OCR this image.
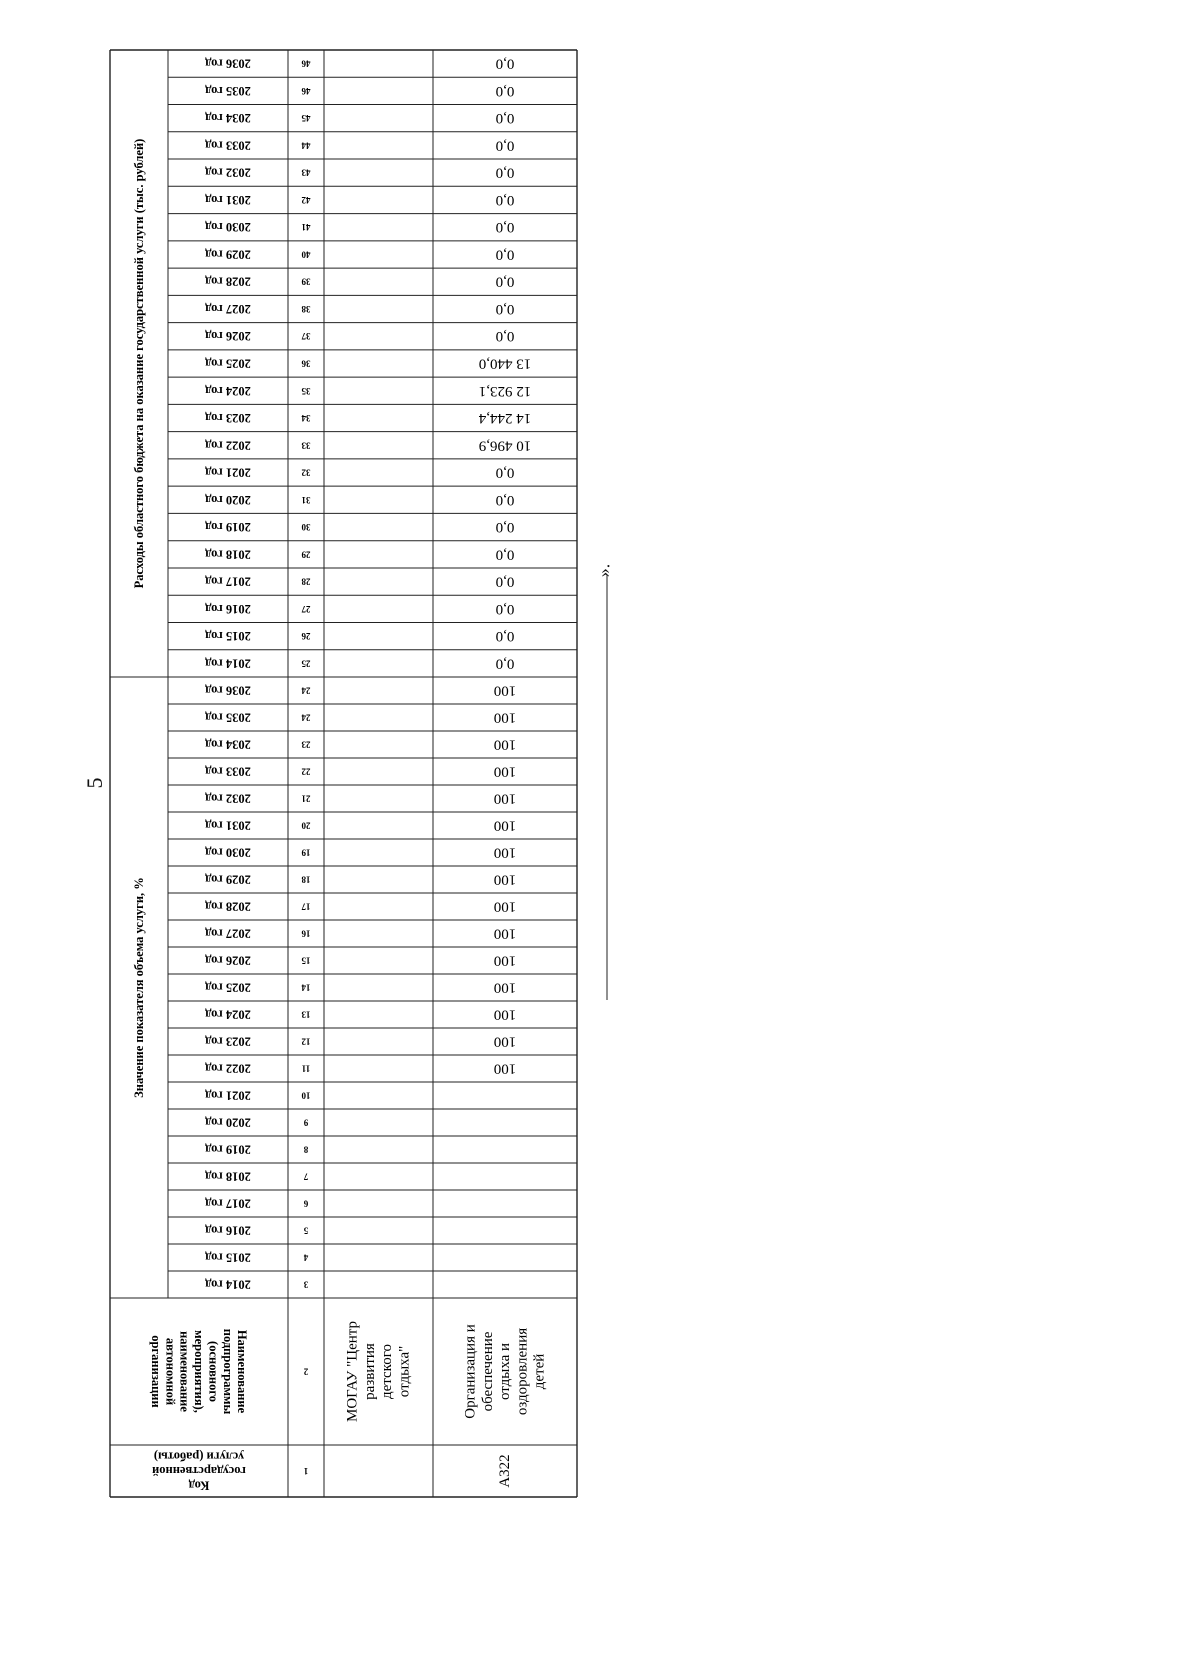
5
».
Кодгосударственнойуслуги (работы)
Наименованиеподпрограммы(основногомероприятия),наименованиеавтономнойорганизации
Значение показателя объема услуги, %
Расходы областного бюджета на оказание государственной услуги (тыс. рублей)
1
2
2014 год
2014 год
3
25
2015 год
2015 год
4
26
2016 год
2016 год
5
27
2017 год
2017 год
6
28
2018 год
2018 год
7
29
2019 год
2019 год
8
30
2020 год
2020 год
9
31
2021 год
2021 год
10
32
2022 год
2022 год
11
33
2023 год
2023 год
12
34
2024 год
2024 год
13
35
2025 год
2025 год
14
36
2026 год
2026 год
15
37
2027 год
2027 год
16
38
2028 год
2028 год
17
39
2029 год
2029 год
18
40
2030 год
2030 год
19
41
2031 год
2031 год
20
42
2032 год
2032 год
21
43
2033 год
2033 год
22
44
2034 год
2034 год
23
45
2035 год
2035 год
24
46
2036 год
2036 год
24
46
МОГАУ "Центрразвитиядетскогоотдыха"
А322
Организация иобеспечениеотдыха иоздоровлениядетей
100
100
100
100
100
100
100
100
100
100
100
100
100
100
100
0,0
0,0
0,0
0,0
0,0
0,0
0,0
0,0
10 496,9
14 244,4
12 923,1
13 440,0
0,0
0,0
0,0
0,0
0,0
0,0
0,0
0,0
0,0
0,0
0,0
